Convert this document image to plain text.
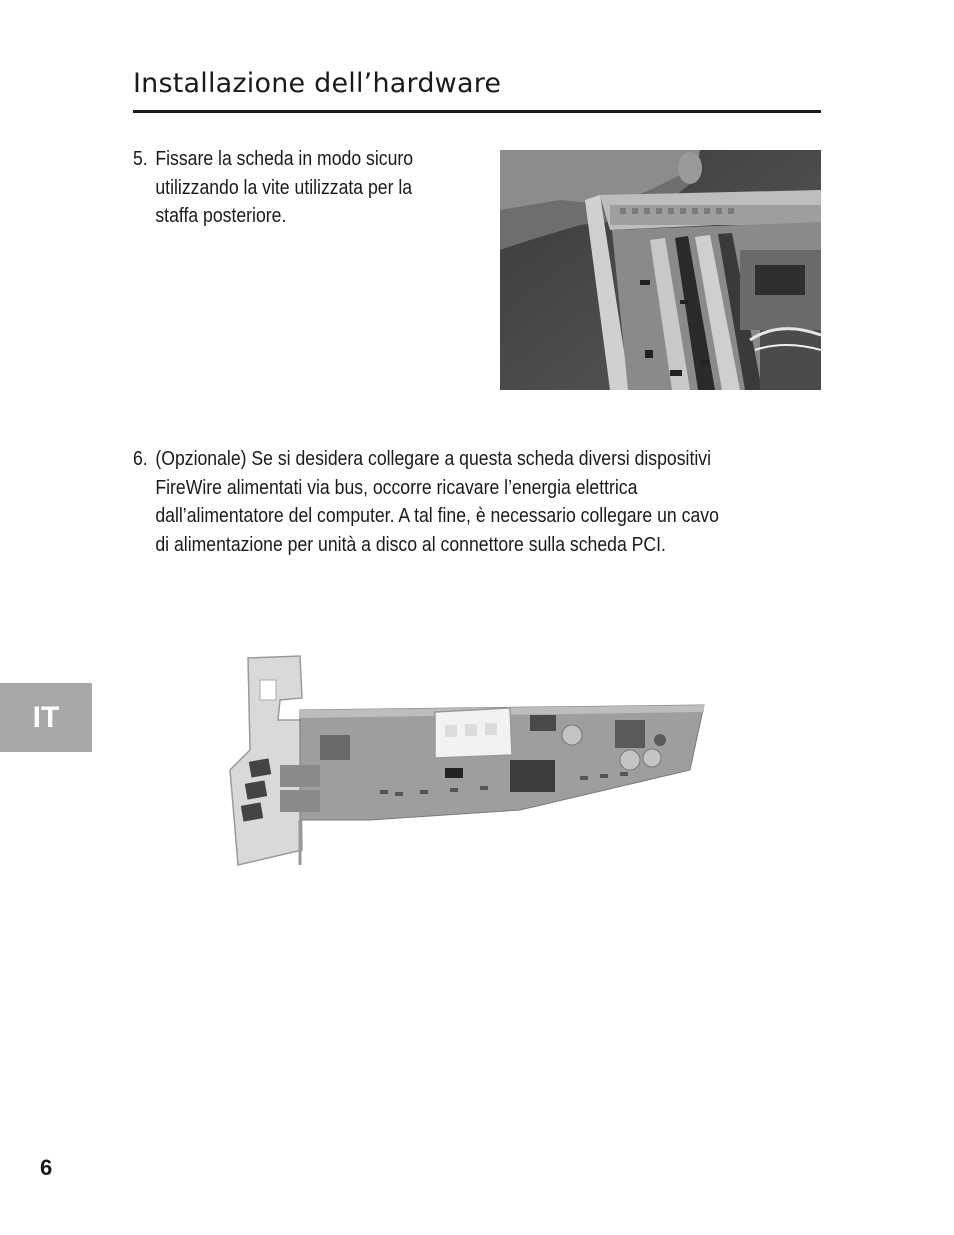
Installazione dell’hardware
5. Fissare la scheda in modo sicuro
utilizzando la vite utilizzata per la
staffa posteriore.
6. (Opzionale) Se si desidera collegare a questa scheda diversi dispositivi
FireWire alimentati via bus, occorre ricavare l’energia elettrica
dall’alimentatore del computer. A tal fine, è necessario collegare un cavo
di alimentazione per unità a disco al connettore sulla scheda PCI.
IT
6
